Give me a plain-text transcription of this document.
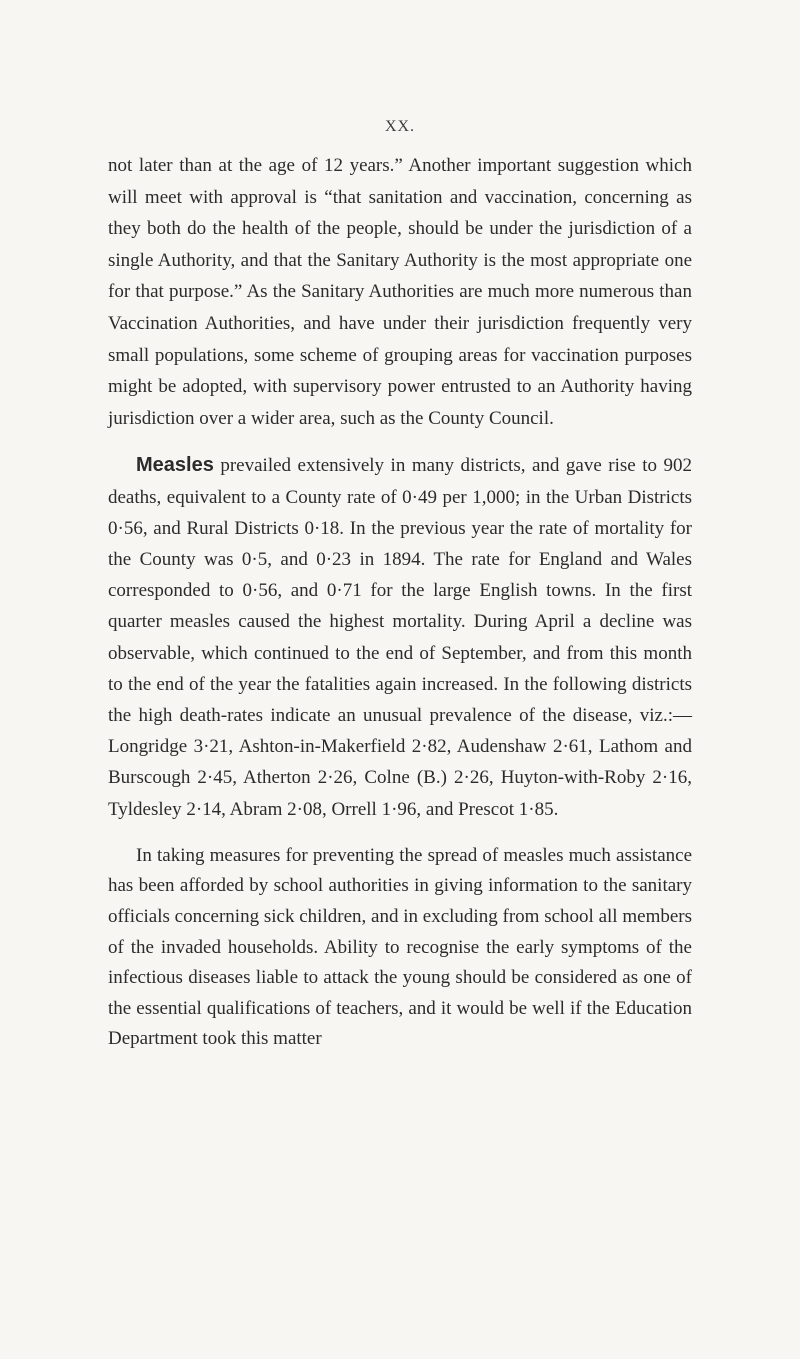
XX.

not later than at the age of 12 years.” Another important suggestion which will meet with approval is “that sanitation and vaccination, concerning as they both do the health of the people, should be under the jurisdiction of a single Authority, and that the Sanitary Authority is the most appropriate one for that purpose.” As the Sanitary Authorities are much more numerous than Vaccination Authorities, and have under their jurisdiction frequently very small populations, some scheme of grouping areas for vaccination purposes might be adopted, with supervisory power entrusted to an Authority having jurisdiction over a wider area, such as the County Council.

Measles prevailed extensively in many districts, and gave rise to 902 deaths, equivalent to a County rate of 0·49 per 1,000; in the Urban Districts 0·56, and Rural Districts 0·18. In the previous year the rate of mortality for the County was 0·5, and 0·23 in 1894. The rate for England and Wales corresponded to 0·56, and 0·71 for the large English towns. In the first quarter measles caused the highest mortality. During April a decline was observable, which continued to the end of September, and from this month to the end of the year the fatalities again increased. In the following districts the high death-rates indicate an unusual prevalence of the disease, viz.:—Longridge 3·21, Ashton-in-Makerfield 2·82, Audenshaw 2·61, Lathom and Burscough 2·45, Atherton 2·26, Colne (B.) 2·26, Huyton-with-Roby 2·16, Tyldesley 2·14, Abram 2·08, Orrell 1·96, and Prescot 1·85.

In taking measures for preventing the spread of measles much assistance has been afforded by school authorities in giving information to the sanitary officials concerning sick children, and in excluding from school all members of the invaded households. Ability to recognise the early symptoms of the infectious diseases liable to attack the young should be considered as one of the essential qualifications of teachers, and it would be well if the Education Department took this matter
